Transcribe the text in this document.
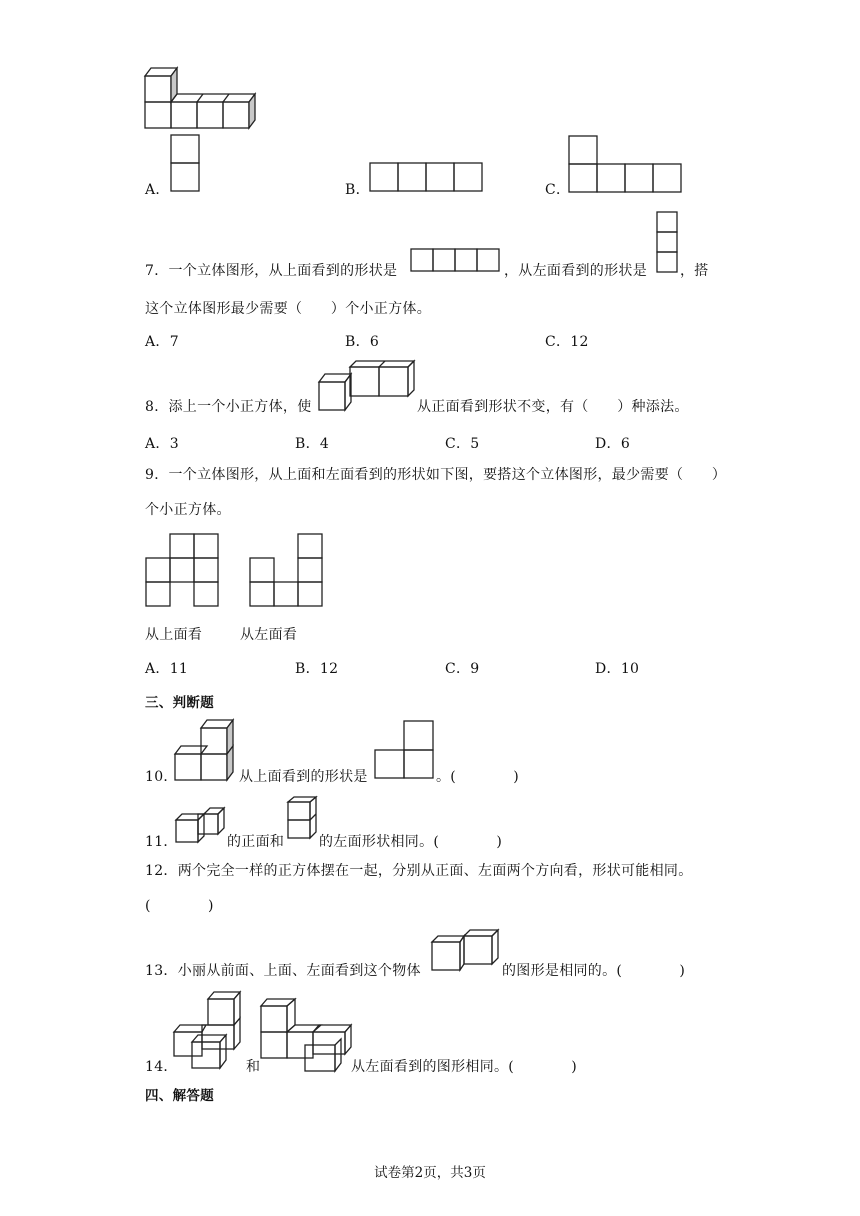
A．	B．	C．
7．一个立体图形，从上面看到的形状是	，从左面看到的形状是 ，搭
这个立体图形最少需要（　　）个小正方体。
A．7	B．6	C．12
8．添上一个小正方体，使	从正面看到形状不变，有（　　）种添法。
A．3	B．4	C．5	D．6
9．一个立体图形，从上面和左面看到的形状如下图，要搭这个立体图形，最少需要（　　）
个小正方体。
从上面看	从左面看
A．11	B．12	C．9	D．10
三、判断题
10．	从上面看到的形状是	。(　　　　)
11．	的正面和 的左面形状相同。(　　　　)
12．两个完全一样的正方体摆在一起，分别从正面、左面两个方向看，形状可能相同。
(　　　　)
13．小丽从前面、上面、左面看到这个物体	的图形是相同的。(　　　　)
14．	和	从左面看到的图形相同。(　　　　)
四、解答题
试卷第2页，共3页
